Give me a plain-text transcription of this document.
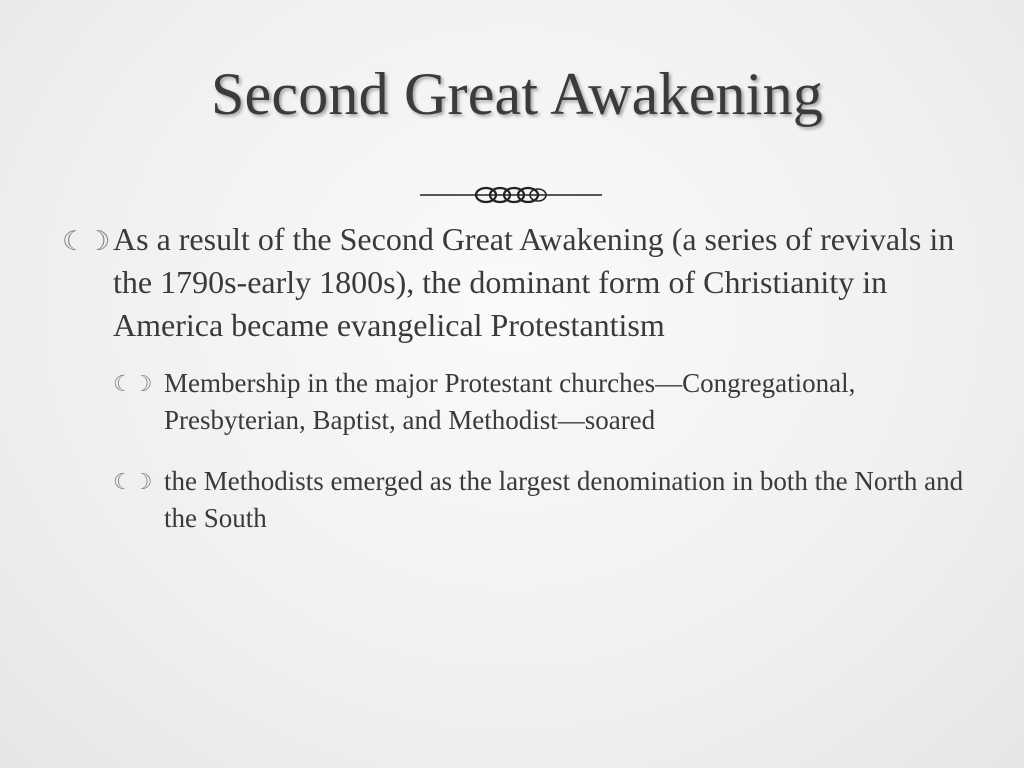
Second Great Awakening
☾☽ As a result of the Second Great Awakening (a series of revivals in the 1790s-early 1800s), the dominant form of Christianity in America became evangelical Protestantism
☾☽ Membership in the major Protestant churches—Congregational, Presbyterian, Baptist, and Methodist—soared
☾☽ the Methodists emerged as the largest denomination in both the North and the South
